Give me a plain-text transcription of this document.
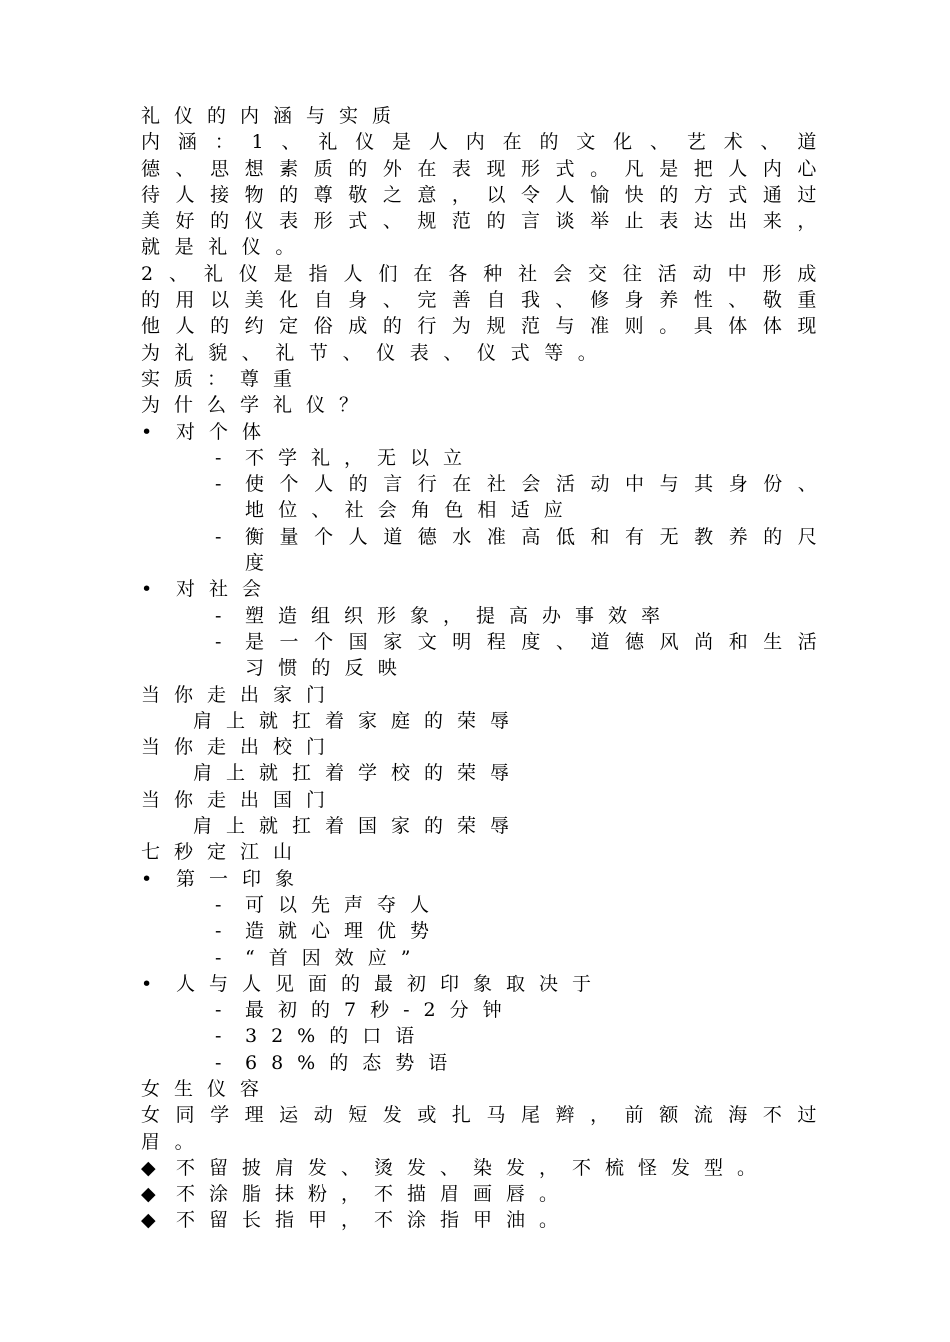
礼仪的内涵与实质
内涵：1、礼仪是人内在的文化、艺术、道德、思想素质的外在表现形式。凡是把人内心待人接物的尊敬之意，以令人愉快的方式通过美好的仪表形式、规范的言谈举止表达出来，就是礼仪。
2、礼仪是指人们在各种社会交往活动中形成的用以美化自身、完善自我、修身养性、敬重他人的约定俗成的行为规范与准则。具体体现为礼貌、礼节、仪表、仪式等。
实质：尊重
为什么学礼仪？
•	对个体
-	不学礼，无以立
-	使个人的言行在社会活动中与其身份、地位、社会角色相适应
-	衡量个人道德水准高低和有无教养的尺度
•	对社会
-	塑造组织形象，提高办事效率
-	是一个国家文明程度、道德风尚和生活习惯的反映
当你走出家门
肩上就扛着家庭的荣辱
当你走出校门
肩上就扛着学校的荣辱
当你走出国门
肩上就扛着国家的荣辱
七秒定江山
•	第一印象
-	可以先声夺人
-	造就心理优势
-	“首因效应”
•	人与人见面的最初印象取决于
-	最初的7秒-2分钟
-	32%的口语
-	68%的态势语
女生仪容
女同学理运动短发或扎马尾辫，前额流海不过眉。
◆	不留披肩发、烫发、染发，不梳怪发型。
◆	不涂脂抹粉，不描眉画唇。
◆	不留长指甲，不涂指甲油。
